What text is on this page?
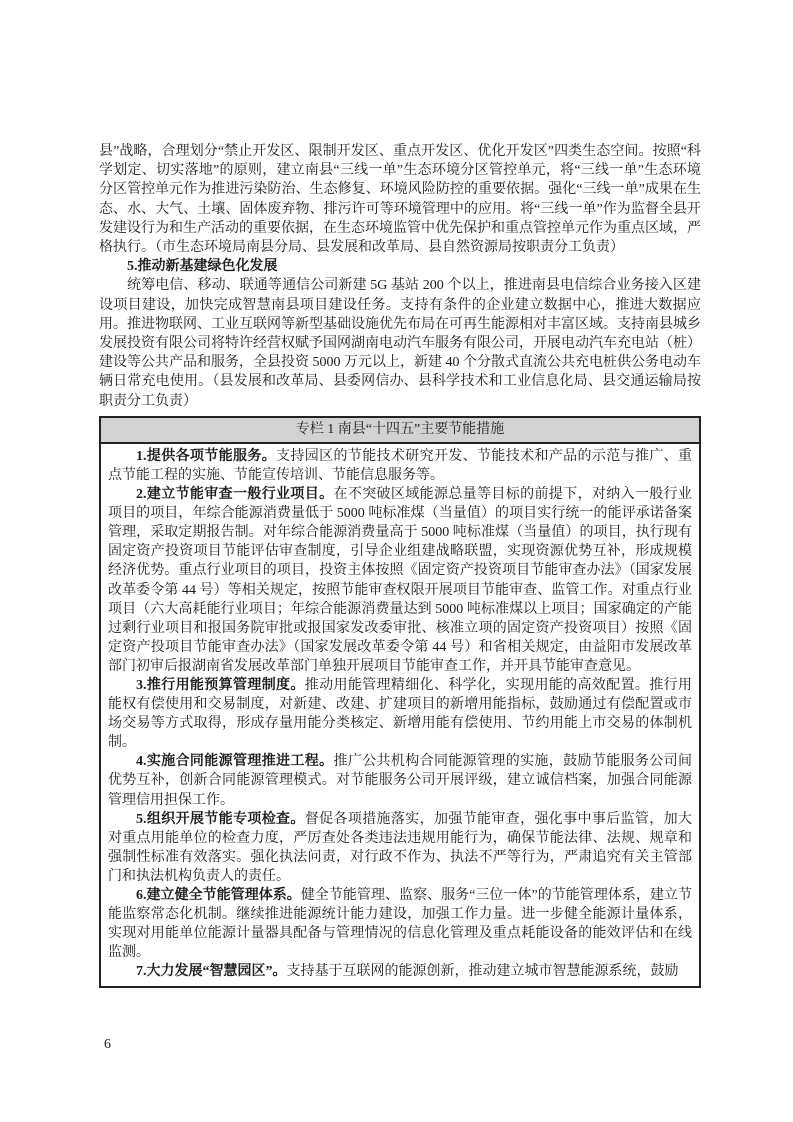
县”战略，合理划分“禁止开发区、限制开发区、重点开发区、优化开发区”四类生态空间。按照“科学划定、切实落地”的原则，建立南县“三线一单”生态环境分区管控单元，将“三线一单”生态环境分区管控单元作为推进污染防治、生态修复、环境风险防控的重要依据。强化“三线一单”成果在生态、水、大气、土壤、固体废弃物、排污许可等环境管理中的应用。将“三线一单”作为监督全县开发建设行为和生产活动的重要依据，在生态环境监管中优先保护和重点管控单元作为重点区域，严格执行。（市生态环境局南县分局、县发展和改革局、县自然资源局按职责分工负责）

5.推动新基建绿色化发展

统筹电信、移动、联通等通信公司新建 5G 基站 200 个以上，推进南县电信综合业务接入区建设项目建设，加快完成智慧南县项目建设任务。支持有条件的企业建立数据中心，推进大数据应用。推进物联网、工业互联网等新型基础设施优先布局在可再生能源相对丰富区域。支持南县城乡发展投资有限公司将特许经营权赋予国网湖南电动汽车服务有限公司，开展电动汽车充电站（桩）建设等公共产品和服务，全县投资 5000 万元以上，新建 40 个分散式直流公共充电桩供公务电动车辆日常充电使用。（县发展和改革局、县委网信办、县科学技术和工业信息化局、县交通运输局按职责分工负责）

专栏 1 南县“十四五”主要节能措施

1.提供各项节能服务。支持园区的节能技术研究开发、节能技术和产品的示范与推广、重点节能工程的实施、节能宣传培训、节能信息服务等。

2.建立节能审查一般行业项目。在不突破区域能源总量等目标的前提下，对纳入一般行业项目的项目，年综合能源消费量低于 5000 吨标准煤（当量值）的项目实行统一的能评承诺备案管理，采取定期报告制。对年综合能源消费量高于 5000 吨标准煤（当量值）的项目，执行现有固定资产投资项目节能评估审查制度，引导企业组建战略联盟，实现资源优势互补，形成规模经济优势。重点行业项目的项目，投资主体按照《固定资产投资项目节能审查办法》（国家发展改革委令第 44 号）等相关规定，按照节能审查权限开展项目节能审查、监管工作。对重点行业项目（六大高耗能行业项目；年综合能源消费量达到 5000 吨标准煤以上项目；国家确定的产能过剩行业项目和报国务院审批或报国家发改委审批、核准立项的固定资产投资项目）按照《固定资产投项目节能审查办法》（国家发展改革委令第 44 号）和省相关规定，由益阳市发展改革部门初审后报湖南省发展改革部门单独开展项目节能审查工作，并开具节能审查意见。

3.推行用能预算管理制度。推动用能管理精细化、科学化，实现用能的高效配置。推行用能权有偿使用和交易制度，对新建、改建、扩建项目的新增用能指标，鼓励通过有偿配置或市场交易等方式取得，形成存量用能分类核定、新增用能有偿使用、节约用能上市交易的体制机制。

4.实施合同能源管理推进工程。推广公共机构合同能源管理的实施，鼓励节能服务公司间优势互补，创新合同能源管理模式。对节能服务公司开展评级，建立诚信档案，加强合同能源管理信用担保工作。

5.组织开展节能专项检查。督促各项措施落实，加强节能审查，强化事中事后监管，加大对重点用能单位的检查力度，严厉查处各类违法违规用能行为，确保节能法律、法规、规章和强制性标准有效落实。强化执法问责，对行政不作为、执法不严等行为，严肃追究有关主管部门和执法机构负责人的责任。

6.建立健全节能管理体系。健全节能管理、监察、服务“三位一体”的节能管理体系，建立节能监察常态化机制。继续推进能源统计能力建设，加强工作力量。进一步健全能源计量体系，实现对用能单位能源计量器具配备与管理情况的信息化管理及重点耗能设备的能效评估和在线监测。

7.大力发展“智慧园区”。支持基于互联网的能源创新，推动建立城市智慧能源系统，鼓励

6
